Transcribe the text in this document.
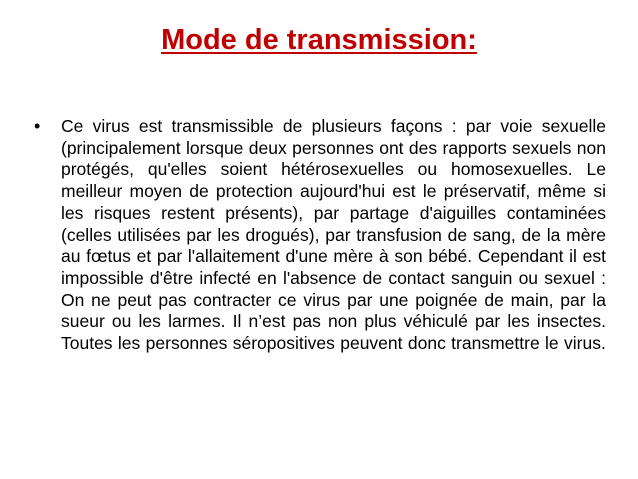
Mode de transmission:
• Ce virus est transmissible de plusieurs façons : par voie sexuelle (principalement lorsque deux personnes ont des rapports sexuels non protégés, qu'elles soient hétérosexuelles ou homosexuelles. Le meilleur moyen de protection aujourd'hui est le préservatif, même si les risques restent présents), par partage d'aiguilles contaminées (celles utilisées par les drogués), par transfusion de sang, de la mère au fœtus et par l'allaitement d'une mère à son bébé. Cependant il est impossible d'être infecté en l'absence de contact sanguin ou sexuel : On ne peut pas contracter ce virus par une poignée de main, par la sueur ou les larmes. Il n’est pas non plus véhiculé par les insectes. Toutes les personnes séropositives peuvent donc transmettre le virus.
